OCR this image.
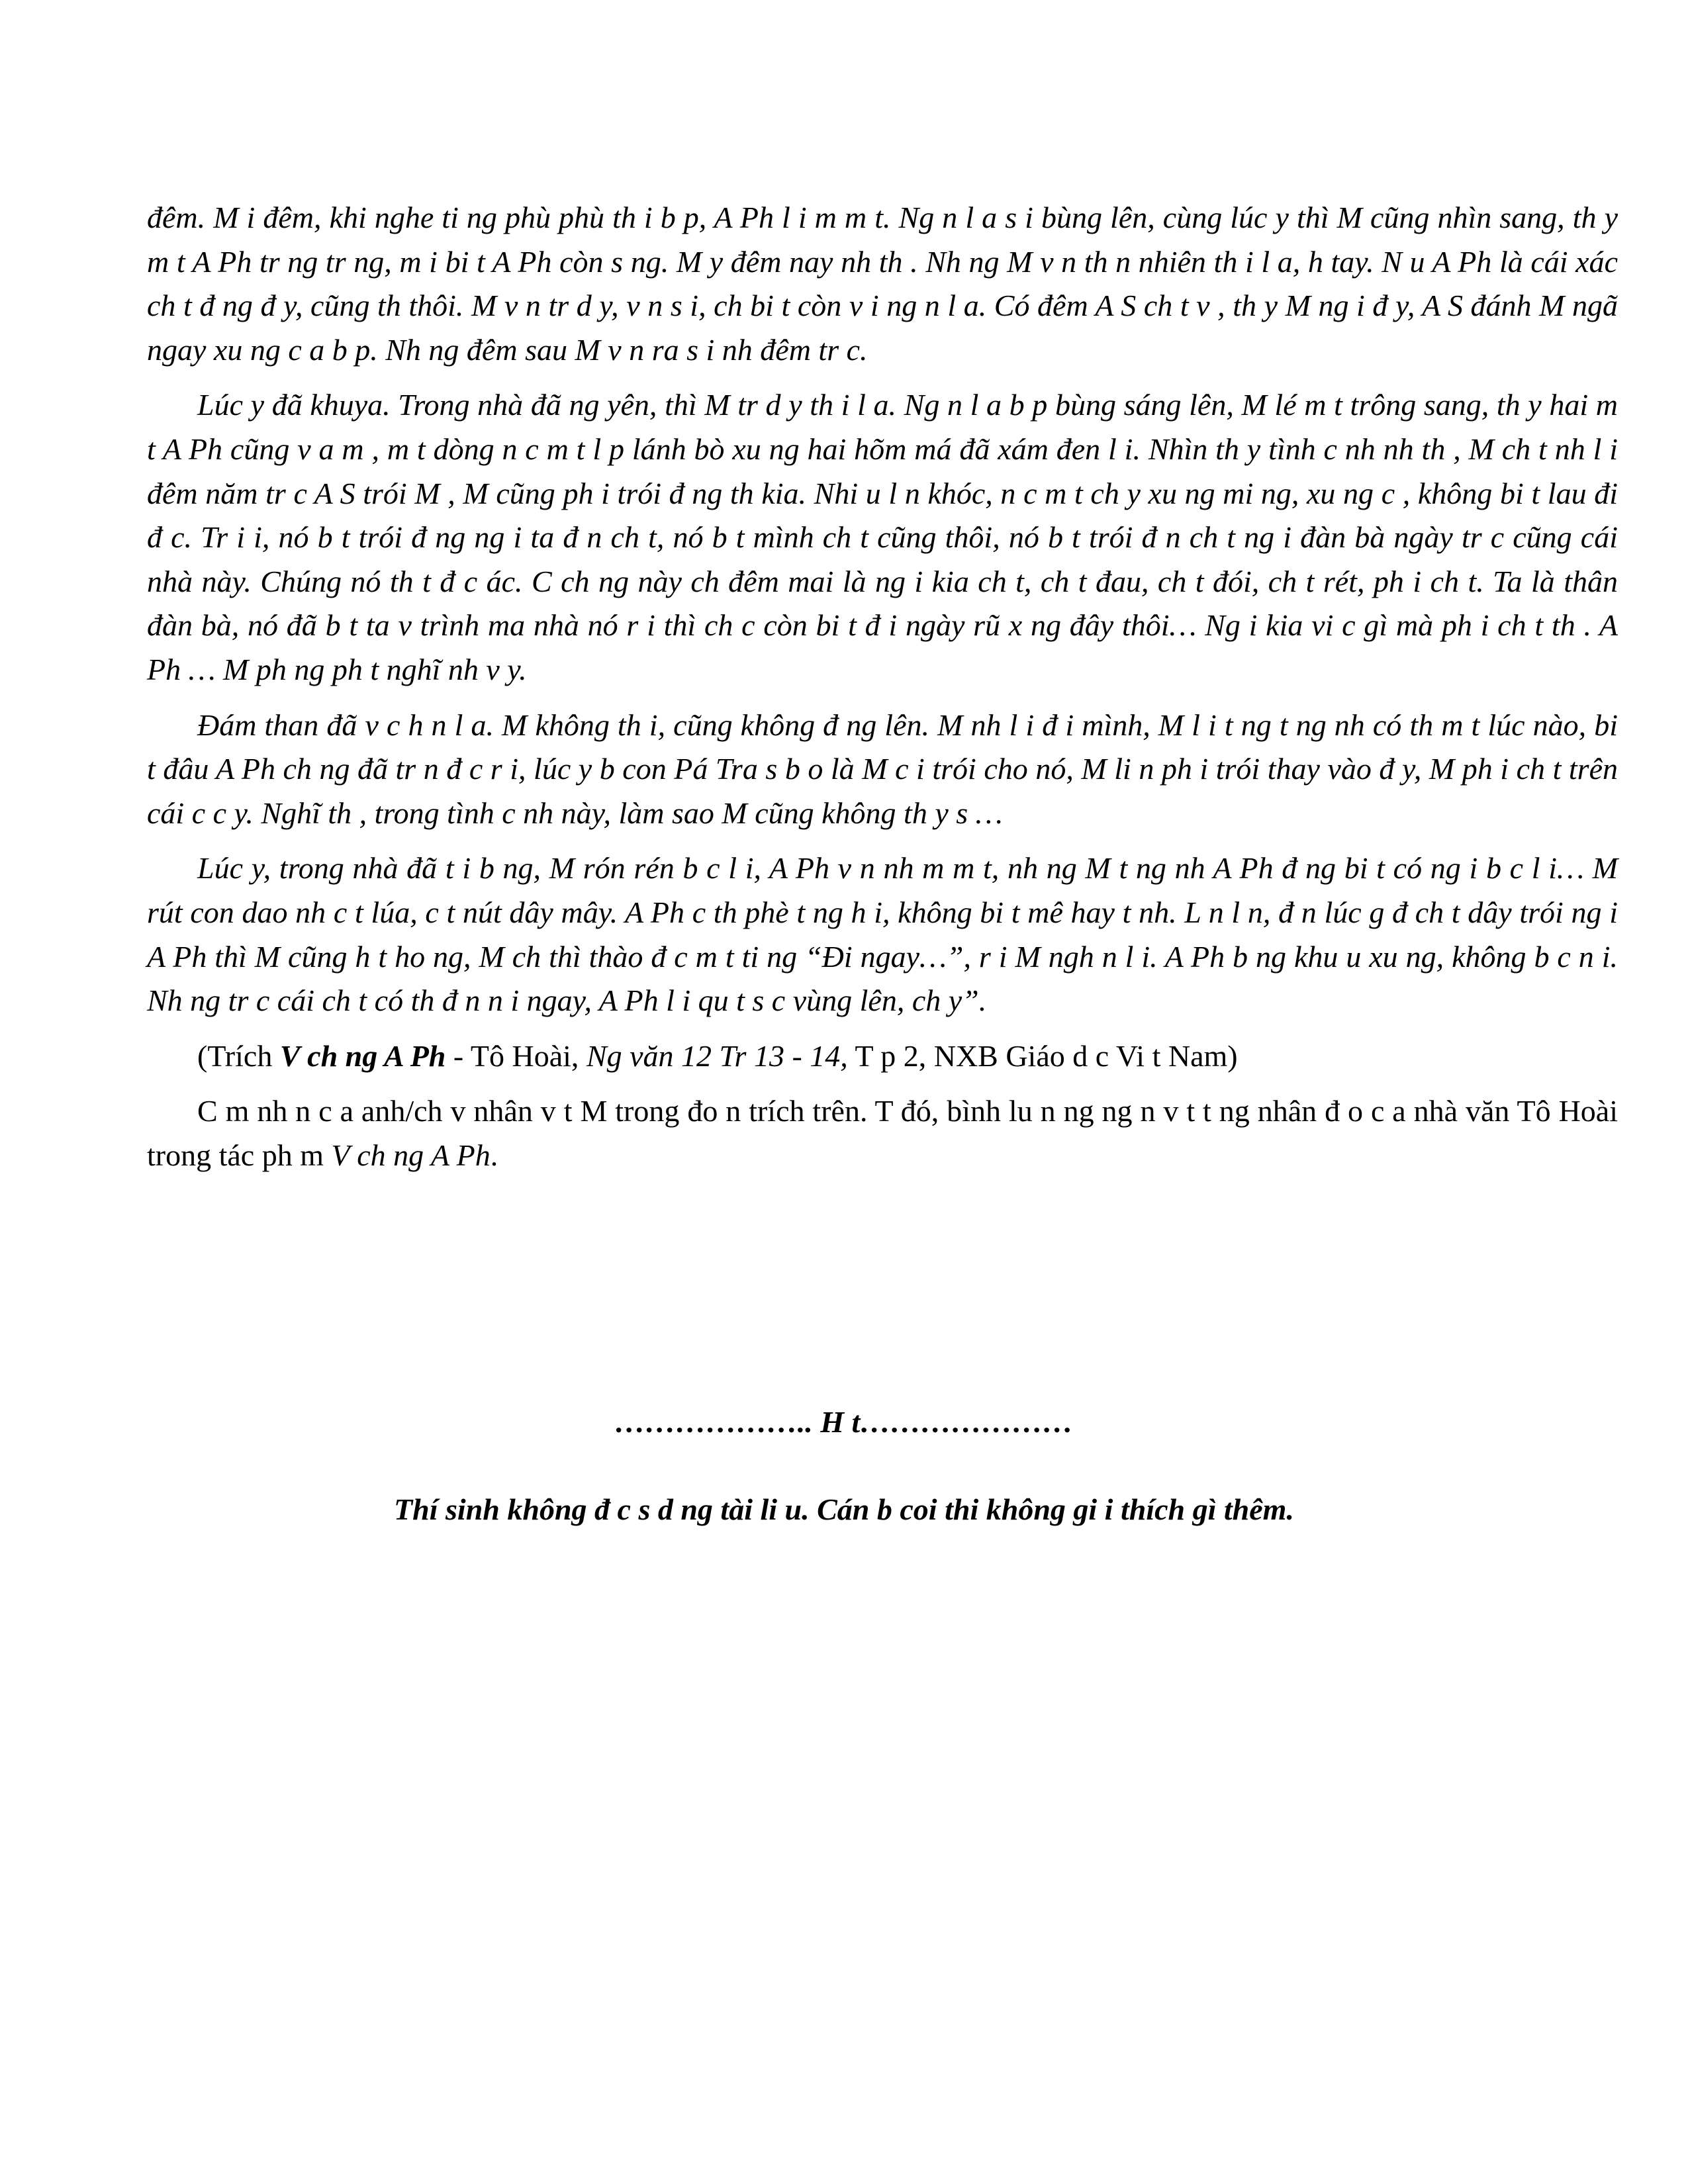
đêm. M i đêm, khi nghe ti ng phù phù th i b p, A Ph l i m m t. Ng n l a s i bùng lên, cùng lúc y thì M cũng nhìn sang, th y m t A Ph tr ng tr ng, m i bi t A Ph còn s ng. M y đêm nay nh th . Nh ng M v n th n nhiên th i l a, h tay. N u A Ph là cái xác ch t đ ng đ y, cũng th thôi. M v n tr d y, v n s i, ch bi t còn v i ng n l a. Có đêm A S ch t v , th y M ng i đ y, A S đánh M ngã ngay xu ng c a b p. Nh ng đêm sau M v n ra s i nh đêm tr c.

Lúc y đã khuya. Trong nhà đã ng yên, thì M tr d y th i l a. Ng n l a b p bùng sáng lên, M lé m t trông sang, th y hai m t A Ph cũng v a m , m t dòng n c m t l p lánh bò xu ng hai hõm má đã xám đen l i. Nhìn th y tình c nh nh th , M ch t nh l i đêm năm tr c A S trói M , M cũng ph i trói đ ng th kia. Nhi u l n khóc, n c m t ch y xu ng mi ng, xu ng c , không bi t lau đi đ c. Tr i i, nó b t trói đ ng ng i ta đ n ch t, nó b t mình ch t cũng thôi, nó b t trói đ n ch t ng i đàn bà ngày tr c cũng cái nhà này. Chúng nó th t đ c ác. C ch ng này ch đêm mai là ng i kia ch t, ch t đau, ch t đói, ch t rét, ph i ch t. Ta là thân đàn bà, nó đã b t ta v trình ma nhà nó r i thì ch c còn bi t đ i ngày rũ x ng đây thôi… Ng i kia vi c gì mà ph i ch t th . A Ph … M ph ng ph t nghĩ nh v y.

Đám than đã v c h n l a. M không th i, cũng không đ ng lên. M nh l i đ i mình, M l i t ng t ng nh có th m t lúc nào, bi t đâu A Ph ch ng đã tr n đ c r i, lúc y b con Pá Tra s b o là M c i trói cho nó, M li n ph i trói thay vào đ y, M ph i ch t trên cái c c y. Nghĩ th , trong tình c nh này, làm sao M cũng không th y s …

Lúc y, trong nhà đã t i b ng, M rón rén b c l i, A Ph v n nh m m t, nh ng M t ng nh A Ph đ ng bi t có ng i b c l i… M rút con dao nh c t lúa, c t nút dây mây. A Ph c th phè t ng h i, không bi t mê hay t nh. L n l n, đ n lúc g đ ch t dây trói ng i A Ph thì M cũng h t ho ng, M ch thì thào đ c m t ti ng “Đi ngay…”, r i M ngh n l i. A Ph b ng khu u xu ng, không b c n i. Nh ng tr c cái ch t có th đ n n i ngay, A Ph l i qu t s c vùng lên, ch y”.

(Trích V ch ng A Ph - Tô Hoài, Ng văn 12 Tr 13 - 14, T p 2, NXB Giáo d c Vi t Nam)

C m nh n c a anh/ch v nhân v t M trong đo n trích trên. T đó, bình lu n ng ng n v t t ng nhân đ o c a nhà văn Tô Hoài trong tác ph m V ch ng A Ph.

……………….. H t…………………
Thí sinh không đ c s d ng tài li u. Cán b coi thi không gi i thích gì thêm.
